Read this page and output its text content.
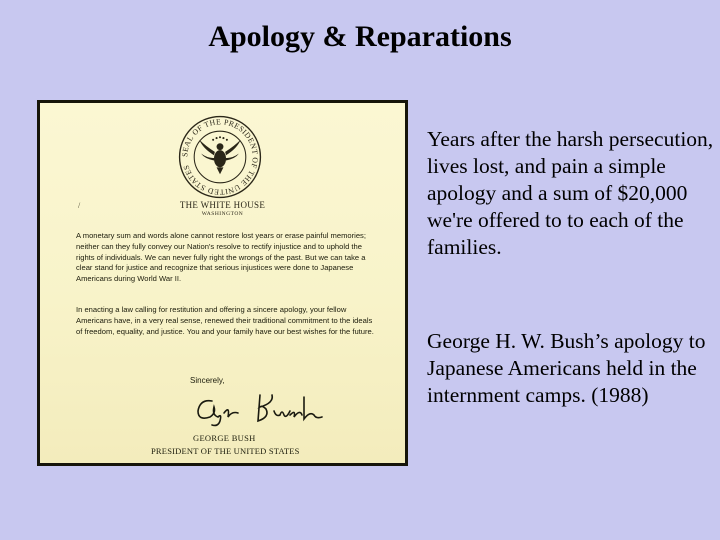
Apology & Reparations
SEAL OF THE PRESIDENT OF THE UNITED STATES
/	THE WHITE HOUSE
WASHINGTON
A monetary sum and words alone cannot restore lost years or erase painful memories; neither can they fully convey our Nation's resolve to rectify injustice and to uphold the rights of individuals. We can never fully right the wrongs of the past. But we can take a clear stand for justice and recognize that serious injustices were done to Japanese Americans during World War II.
In enacting a law calling for restitution and offering a sincere apology, your fellow Americans have, in a very real sense, renewed their traditional commitment to the ideals of freedom, equality, and justice. You and your family have our best wishes for the future.
Sincerely,
GEORGE BUSH
PRESIDENT OF THE UNITED STATES
Years after the harsh persecution, lives lost, and pain a simple apology and a sum of $20,000 we're offered to to each of the families.
George H. W. Bush’s apology to Japanese Americans held in the internment camps. (1988)
